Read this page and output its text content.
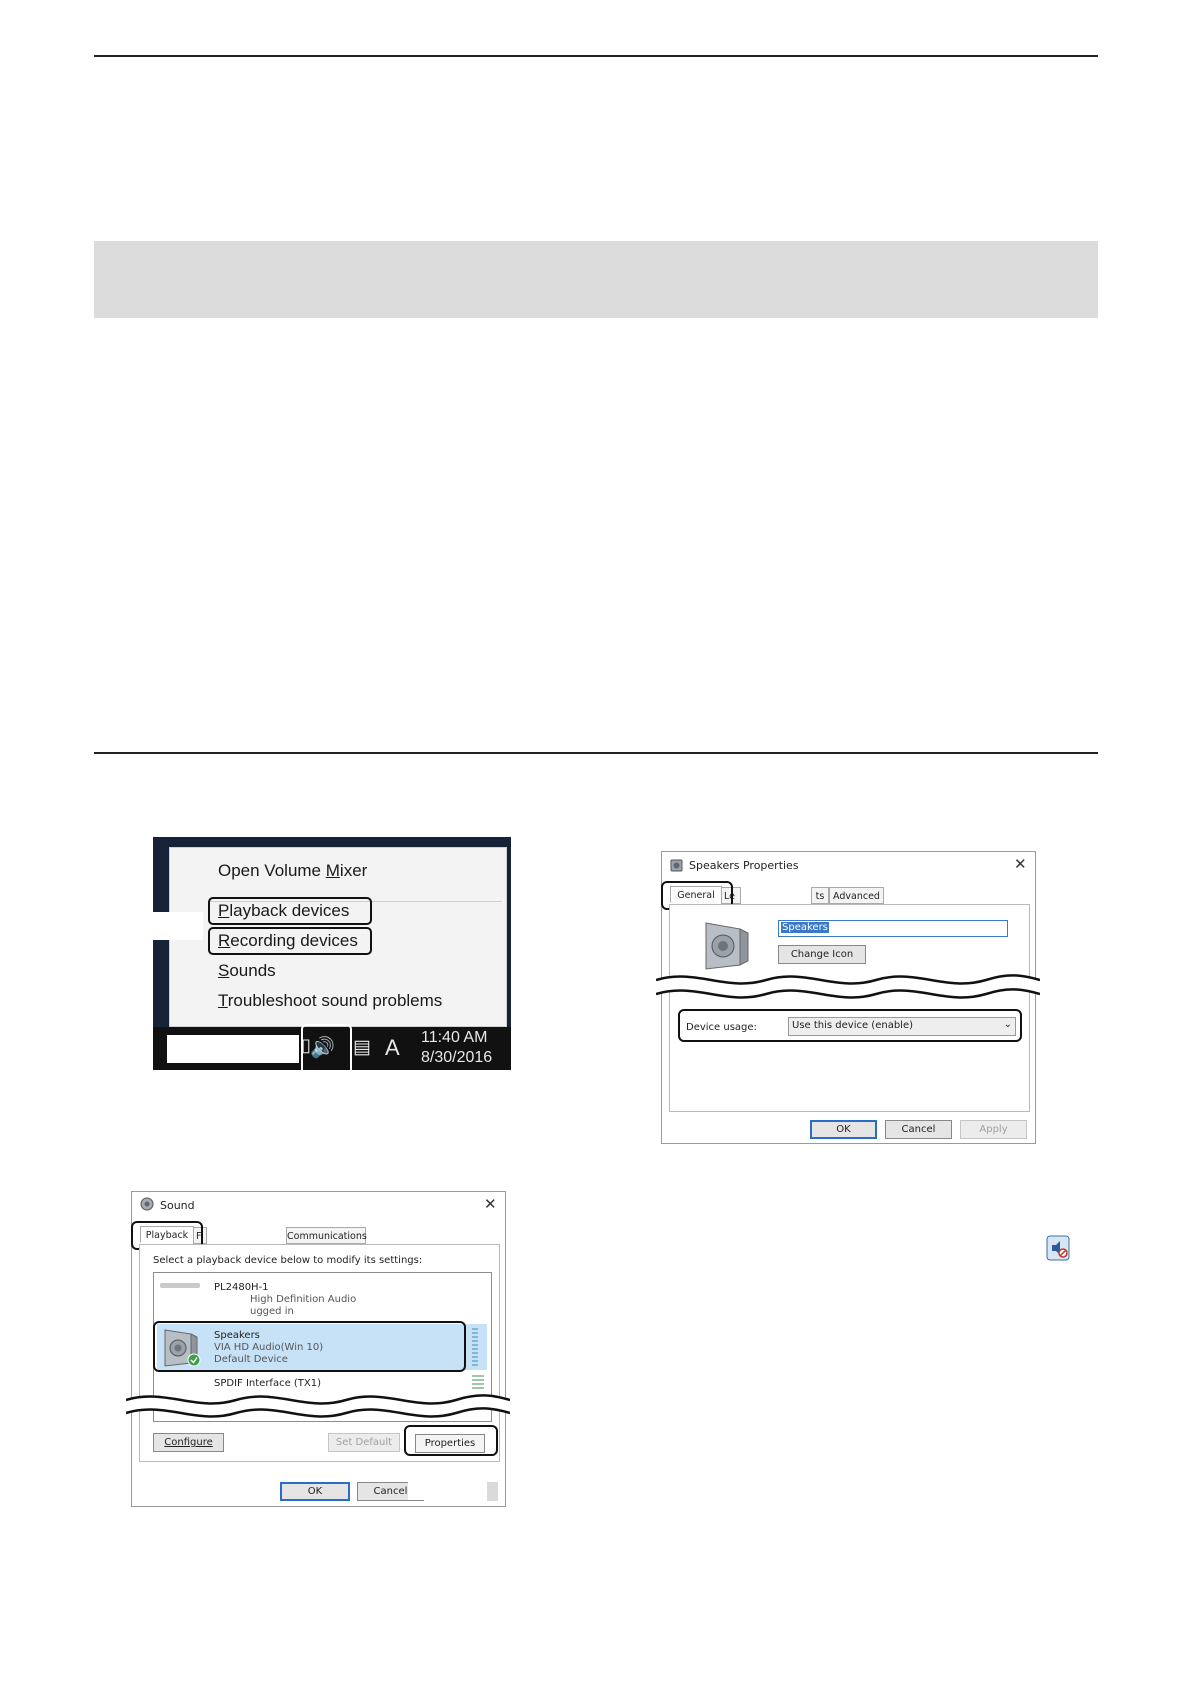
Open Volume Mixer
Playback devices
Recording devices
Sounds
Troubleshoot sound problems
▯ 🔊 ▤ A 11:40 AM
8/30/2016
Speakers Properties	✕
General Le	ts Advanced
Speakers
Change Icon
Device usage:	Use this device (enable)	⌄
OK	Cancel	Apply
Sound	✕
Playback F	Communications
Select a playback device below to modify its settings:
PL2480H-1
High Definition Audio
ugged in
Speakers
VIA HD Audio(Win 10)
Default Device
SPDIF Interface (TX1)
Configure	Set Default	Properties
OK	Cancel
